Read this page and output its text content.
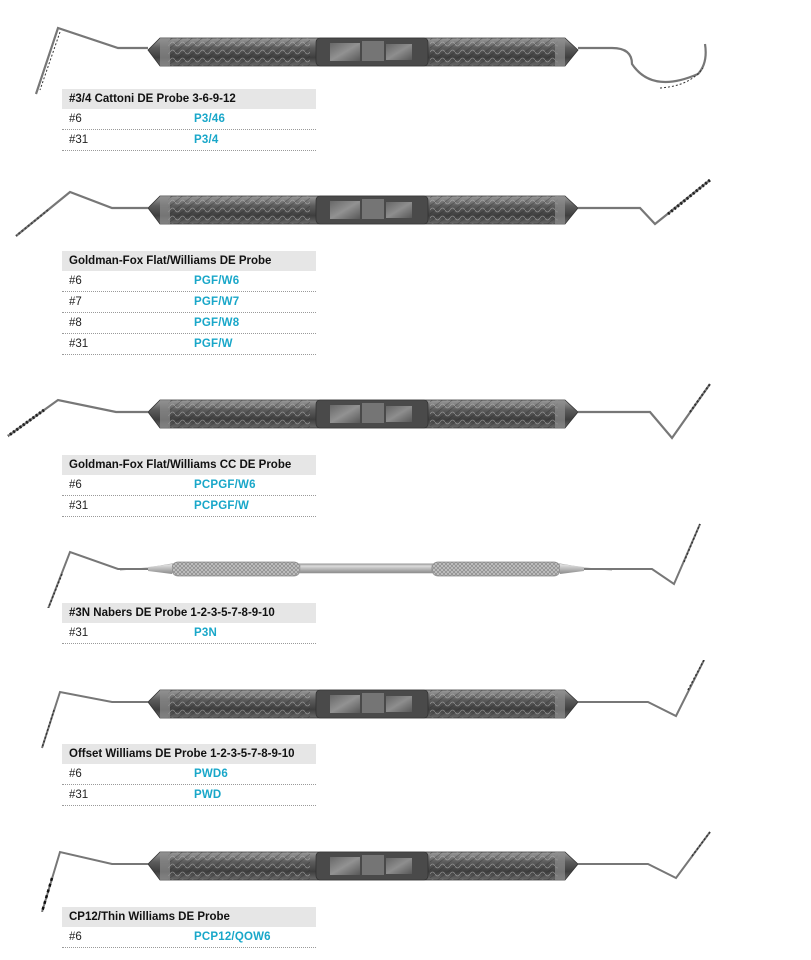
#3/4 Cattoni DE Probe 3-6-9-12
#6	P3/46
#31	P3/4
Goldman-Fox Flat/Williams DE Probe
#6	PGF/W6
#7	PGF/W7
#8	PGF/W8
#31	PGF/W
Goldman-Fox Flat/Williams CC DE Probe
#6	PCPGF/W6
#31	PCPGF/W
#3N Nabers DE Probe 1-2-3-5-7-8-9-10
#31	P3N
Offset Williams DE Probe 1-2-3-5-7-8-9-10
#6	PWD6
#31	PWD
CP12/Thin Williams DE Probe
#6	PCP12/QOW6
